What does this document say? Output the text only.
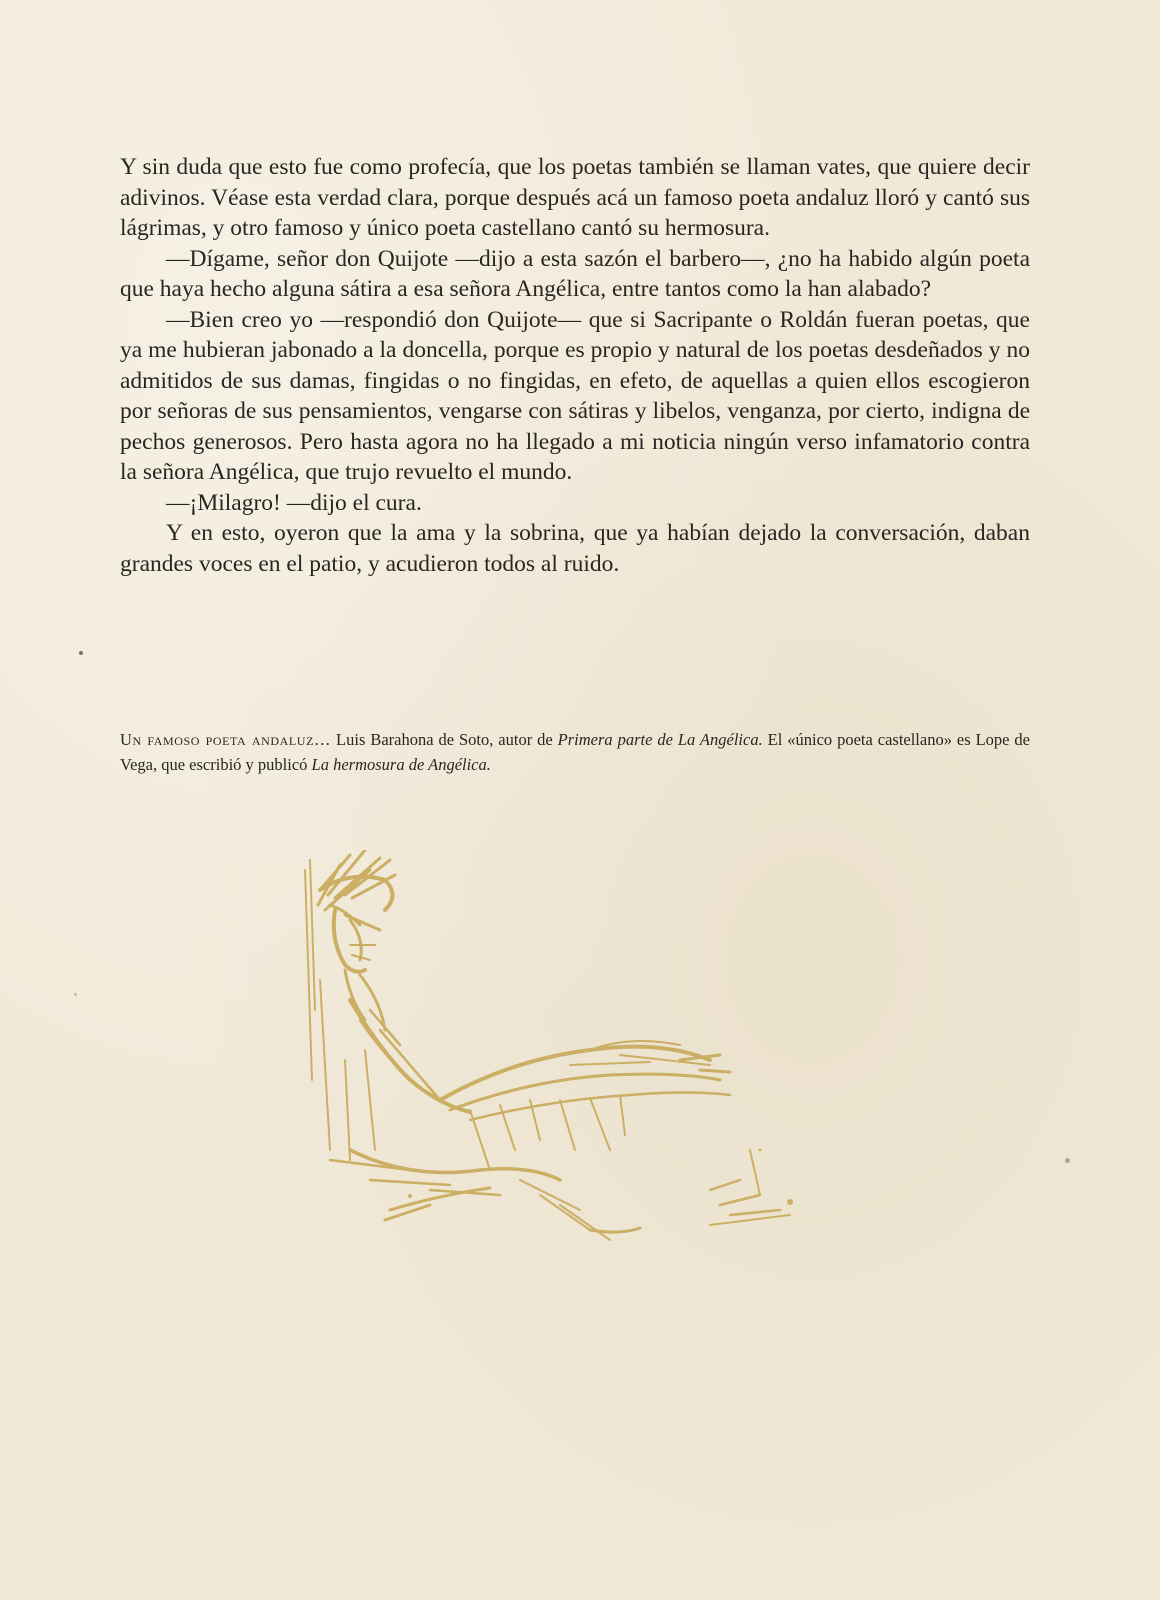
Y sin duda que esto fue como profecía, que los poetas también se llaman vates, que quiere decir adivinos. Véase esta verdad clara, porque después acá un famoso poeta andaluz lloró y cantó sus lágrimas, y otro famoso y único poeta castellano cantó su hermosura.

—Dígame, señor don Quijote —dijo a esta sazón el barbero—, ¿no ha habido algún poeta que haya hecho alguna sátira a esa señora Angélica, entre tantos como la han alabado?

—Bien creo yo —respondió don Quijote— que si Sacripante o Roldán fueran poetas, que ya me hubieran jabonado a la doncella, porque es propio y natural de los poetas desdeñados y no admitidos de sus damas, fingidas o no fingidas, en efeto, de aquellas a quien ellos escogieron por señoras de sus pensamientos, vengarse con sátiras y libelos, venganza, por cierto, indigna de pechos generosos. Pero hasta agora no ha llegado a mi noticia ningún verso infamatorio contra la señora Angélica, que trujo revuelto el mundo.

—¡Milagro! —dijo el cura.

Y en esto, oyeron que la ama y la sobrina, que ya habían dejado la conversación, daban grandes voces en el patio, y acudieron todos al ruido.

Un famoso poeta andaluz… Luis Barahona de Soto, autor de Primera parte de La Angélica. El «único poeta castellano» es Lope de Vega, que escribió y publicó La hermosura de Angélica.
